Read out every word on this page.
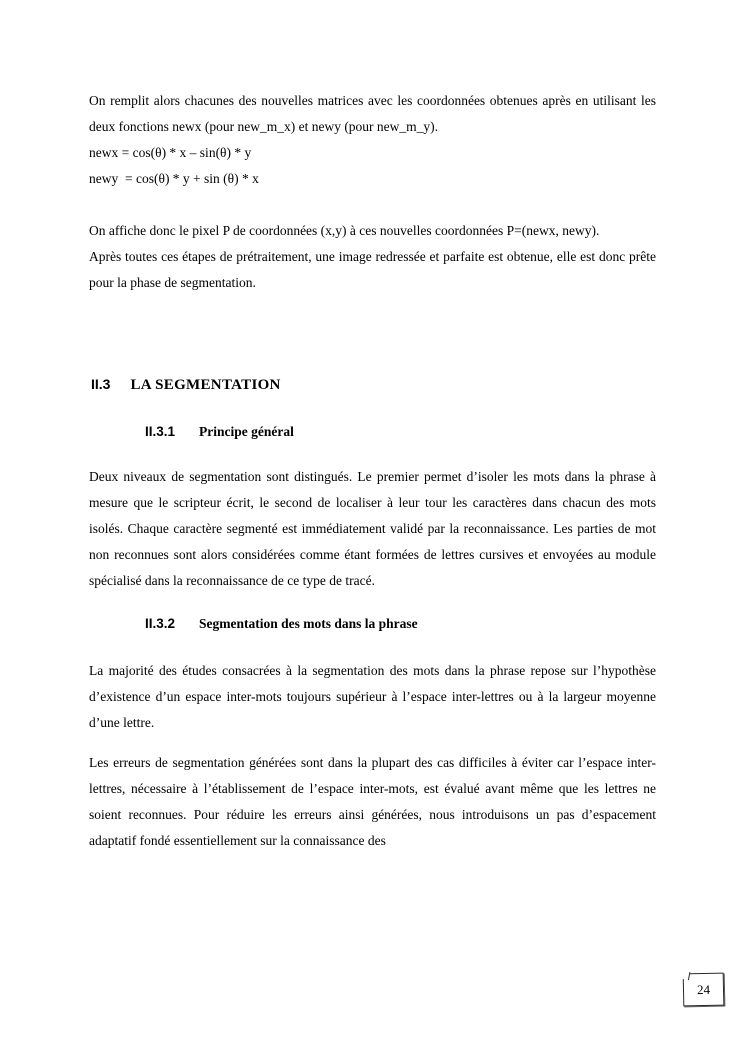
On remplit alors chacunes des nouvelles matrices avec les coordonnées obtenues après en utilisant les deux fonctions newx (pour new_m_x) et newy (pour new_m_y).

newx = cos(θ) * x – sin(θ) * y

newy  = cos(θ) * y + sin (θ) * x

On affiche donc le pixel P de coordonnées (x,y) à ces nouvelles coordonnées P=(newx, newy).

Après toutes ces étapes de prétraitement, une image redressée et parfaite est obtenue, elle est donc prête pour la phase de segmentation.

II.3 LA SEGMENTATION
II.3.1 Principe général

Deux niveaux de segmentation sont distingués. Le premier permet d’isoler les mots dans la phrase à mesure que le scripteur écrit, le second de localiser à leur tour les caractères dans chacun des mots isolés. Chaque caractère segmenté est immédiatement validé par la reconnaissance. Les parties de mot non reconnues sont alors considérées comme étant formées de lettres cursives et envoyées au module spécialisé dans la reconnaissance de ce type de tracé.

II.3.2 Segmentation des mots dans la phrase

La majorité des études consacrées à la segmentation des mots dans la phrase repose sur l’hypothèse d’existence d’un espace inter-mots toujours supérieur à l’espace inter-lettres ou à la largeur moyenne d’une lettre.

Les erreurs de segmentation générées sont dans la plupart des cas difficiles à éviter car l’espace inter-lettres, nécessaire à l’établissement de l’espace inter-mots, est évalué avant même que les lettres ne soient reconnues. Pour réduire les erreurs ainsi générées, nous introduisons un pas d’espacement adaptatif fondé essentiellement sur la connaissance des

24
